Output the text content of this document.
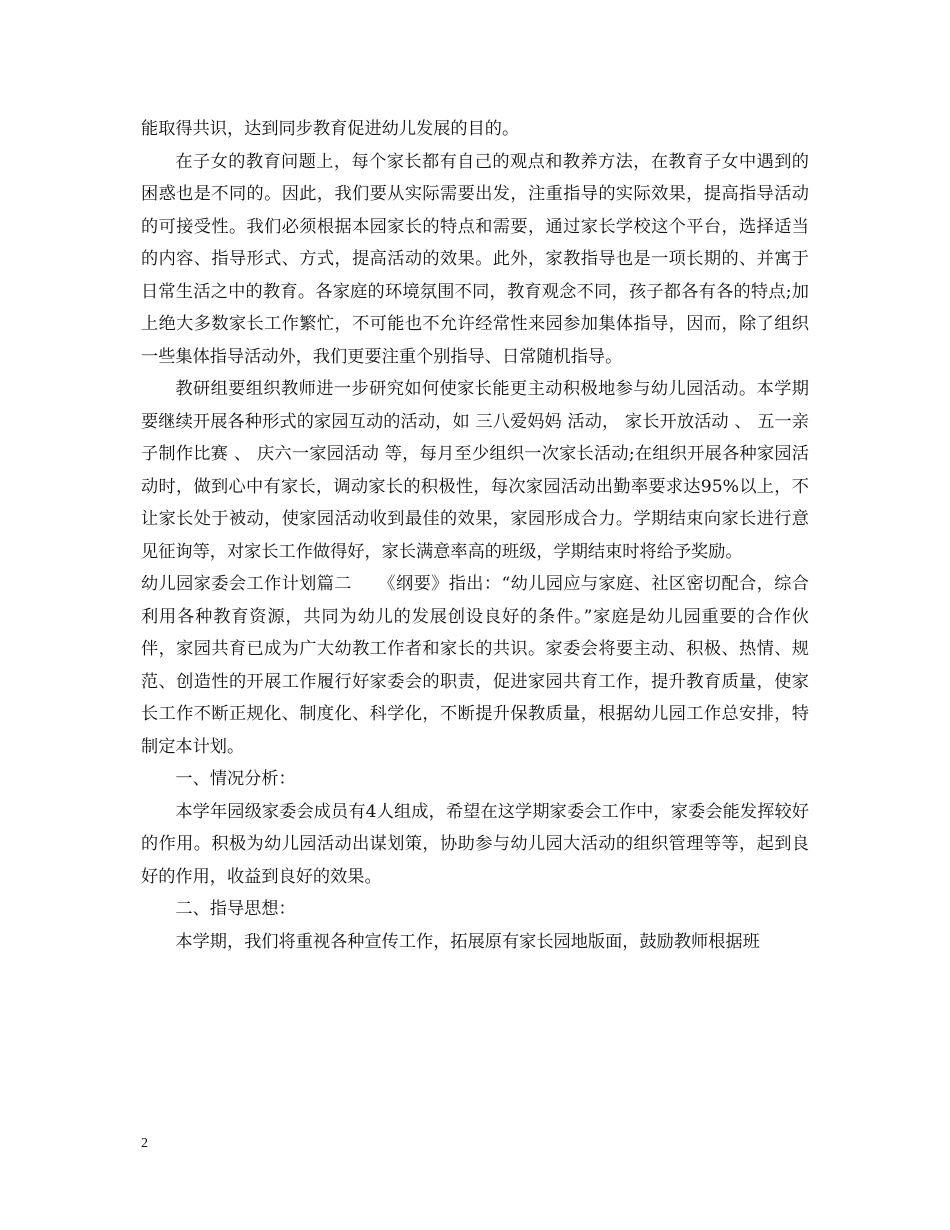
能取得共识，达到同步教育促进幼儿发展的目的。

在子女的教育问题上，每个家长都有自己的观点和教养方法，在教育子女中遇到的困惑也是不同的。因此，我们要从实际需要出发，注重指导的实际效果，提高指导活动的可接受性。我们必须根据本园家长的特点和需要，通过家长学校这个平台，选择适当的内容、指导形式、方式，提高活动的效果。此外，家教指导也是一项长期的、并寓于日常生活之中的教育。各家庭的环境氛围不同，教育观念不同，孩子都各有各的特点;加上绝大多数家长工作繁忙，不可能也不允许经常性来园参加集体指导，因而，除了组织一些集体指导活动外，我们更要注重个别指导、日常随机指导。

教研组要组织教师进一步研究如何使家长能更主动积极地参与幼儿园活动。本学期要继续开展各种形式的家园互动的活动，如 三八爱妈妈 活动， 家长开放活动 、 五一亲子制作比赛 、 庆六一家园活动 等，每月至少组织一次家长活动;在组织开展各种家园活动时，做到心中有家长，调动家长的积极性，每次家园活动出勤率要求达95%以上，不让家长处于被动，使家园活动收到最佳的效果，家园形成合力。学期结束向家长进行意见征询等，对家长工作做得好，家长满意率高的班级，学期结束时将给予奖励。

幼儿园家委会工作计划篇二　　《纲要》指出：“幼儿园应与家庭、社区密切配合，综合利用各种教育资源，共同为幼儿的发展创设良好的条件。”家庭是幼儿园重要的合作伙伴，家园共育已成为广大幼教工作者和家长的共识。家委会将要主动、积极、热情、规范、创造性的开展工作履行好家委会的职责，促进家园共育工作，提升教育质量，使家长工作不断正规化、制度化、科学化，不断提升保教质量，根据幼儿园工作总安排，特制定本计划。

一、情况分析：

本学年园级家委会成员有4人组成，希望在这学期家委会工作中，家委会能发挥较好的作用。积极为幼儿园活动出谋划策，协助参与幼儿园大活动的组织管理等等，起到良好的作用，收益到良好的效果。

二、指导思想：

本学期，我们将重视各种宣传工作，拓展原有家长园地版面，鼓励教师根据班

2
